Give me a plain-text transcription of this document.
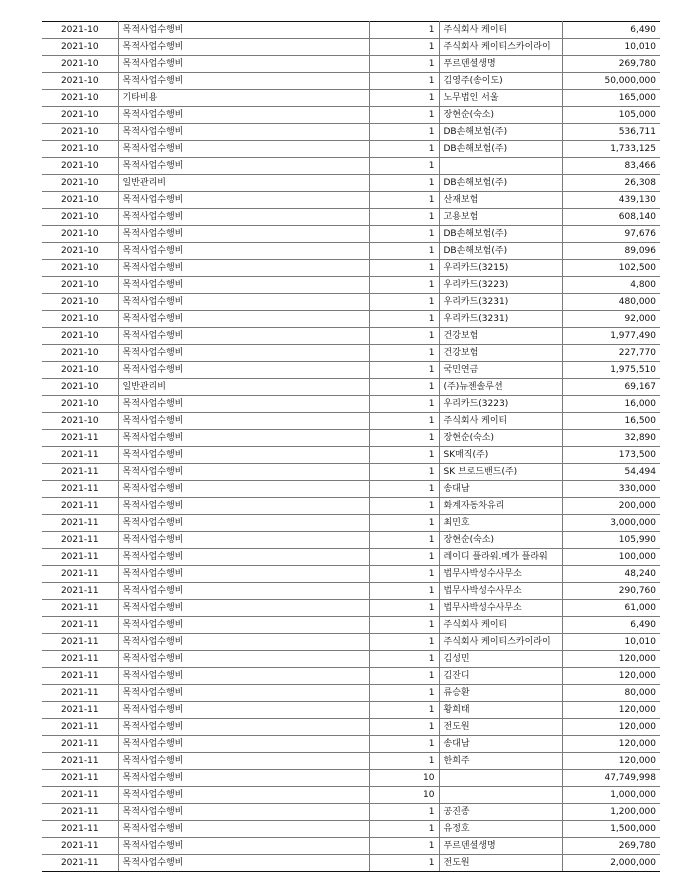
2021-10	목적사업수행비	1	주식회사 케이티	6,490
2021-10	목적사업수행비	1	주식회사 케이티스카이라이	10,010
2021-10	목적사업수행비	1	푸르덴셜생명	269,780
2021-10	목적사업수행비	1	김영주(송이도)	50,000,000
2021-10	기타비용	1	노무법인 서울	165,000
2021-10	목적사업수행비	1	장현순(숙소)	105,000
2021-10	목적사업수행비	1	DB손해보험(주)	536,711
2021-10	목적사업수행비	1	DB손해보험(주)	1,733,125
2021-10	목적사업수행비	1		83,466
2021-10	일반관리비	1	DB손해보험(주)	26,308
2021-10	목적사업수행비	1	산재보험	439,130
2021-10	목적사업수행비	1	고용보험	608,140
2021-10	목적사업수행비	1	DB손해보험(주)	97,676
2021-10	목적사업수행비	1	DB손해보험(주)	89,096
2021-10	목적사업수행비	1	우리카드(3215)	102,500
2021-10	목적사업수행비	1	우리카드(3223)	4,800
2021-10	목적사업수행비	1	우리카드(3231)	480,000
2021-10	목적사업수행비	1	우리카드(3231)	92,000
2021-10	목적사업수행비	1	건강보험	1,977,490
2021-10	목적사업수행비	1	건강보험	227,770
2021-10	목적사업수행비	1	국민연금	1,975,510
2021-10	일반관리비	1	(주)뉴젠솔루션	69,167
2021-10	목적사업수행비	1	우리카드(3223)	16,000
2021-10	목적사업수행비	1	주식회사 케이티	16,500
2021-11	목적사업수행비	1	장현순(숙소)	32,890
2021-11	목적사업수행비	1	SK매직(주)	173,500
2021-11	목적사업수행비	1	SK 브로드밴드(주)	54,494
2021-11	목적사업수행비	1	송대남	330,000
2021-11	목적사업수행비	1	화계자동차유리	200,000
2021-11	목적사업수행비	1	최민호	3,000,000
2021-11	목적사업수행비	1	장현순(숙소)	105,990
2021-11	목적사업수행비	1	레이디 플라워.메가 플라워	100,000
2021-11	목적사업수행비	1	법무사박성수사무소	48,240
2021-11	목적사업수행비	1	법무사박성수사무소	290,760
2021-11	목적사업수행비	1	법무사박성수사무소	61,000
2021-11	목적사업수행비	1	주식회사 케이티	6,490
2021-11	목적사업수행비	1	주식회사 케이티스카이라이	10,010
2021-11	목적사업수행비	1	김성민	120,000
2021-11	목적사업수행비	1	김잔디	120,000
2021-11	목적사업수행비	1	류승환	80,000
2021-11	목적사업수행비	1	황희태	120,000
2021-11	목적사업수행비	1	전도원	120,000
2021-11	목적사업수행비	1	송대남	120,000
2021-11	목적사업수행비	1	한희주	120,000
2021-11	목적사업수행비	10		47,749,998
2021-11	목적사업수행비	10		1,000,000
2021-11	목적사업수행비	1	공진종	1,200,000
2021-11	목적사업수행비	1	유정호	1,500,000
2021-11	목적사업수행비	1	푸르덴셜생명	269,780
2021-11	목적사업수행비	1	전도원	2,000,000
